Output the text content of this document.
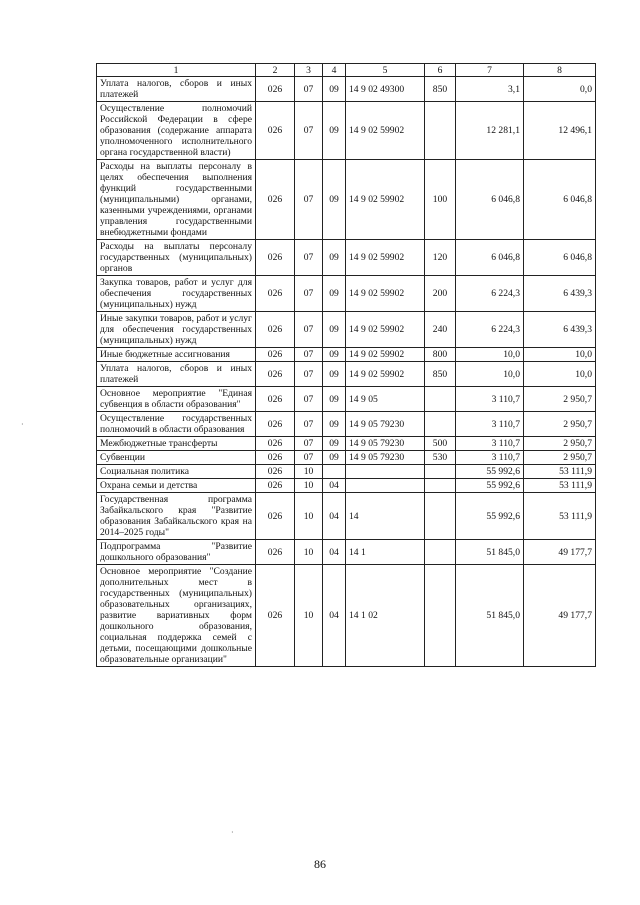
1	2	3	4	5	6	7	8
Уплата налогов, сборов и иных платежей	026	07	09	14 9 02 49300	850	3,1	0,0
Осуществление полномочий Российской Федерации в сфере образования (содержание аппарата уполномоченного исполнительного органа государственной власти)	026	07	09	14 9 02 59902		12 281,1	12 496,1
Расходы на выплаты персоналу в целях обеспечения выполнения функций государственными (муниципальными) органами, казенными учреждениями, органами управления государственными внебюджетными фондами	026	07	09	14 9 02 59902	100	6 046,8	6 046,8
Расходы на выплаты персоналу государственных (муниципальных) органов	026	07	09	14 9 02 59902	120	6 046,8	6 046,8
Закупка товаров, работ и услуг для обеспечения государственных (муниципальных) нужд	026	07	09	14 9 02 59902	200	6 224,3	6 439,3
Иные закупки товаров, работ и услуг для обеспечения государственных (муниципальных) нужд	026	07	09	14 9 02 59902	240	6 224,3	6 439,3
Иные бюджетные ассигнования	026	07	09	14 9 02 59902	800	10,0	10,0
Уплата налогов, сборов и иных платежей	026	07	09	14 9 02 59902	850	10,0	10,0
Основное мероприятие "Единая субвенция в области образования"	026	07	09	14 9 05		3 110,7	2 950,7
Осуществление государственных полномочий в области образования	026	07	09	14 9 05 79230		3 110,7	2 950,7
Межбюджетные трансферты	026	07	09	14 9 05 79230	500	3 110,7	2 950,7
Субвенции	026	07	09	14 9 05 79230	530	3 110,7	2 950,7
Социальная политика	026	10				55 992,6	53 111,9
Охрана семьи и детства	026	10	04			55 992,6	53 111,9
Государственная программа Забайкальского края "Развитие образования Забайкальского края на 2014–2025 годы"	026	10	04	14		55 992,6	53 111,9
Подпрограмма "Развитие дошкольного образования"	026	10	04	14 1		51 845,0	49 177,7
Основное мероприятие "Создание дополнительных мест в государственных (муниципальных) образовательных организациях, развитие вариативных форм дошкольного образования, социальная поддержка семей с детьми, посещающими дошкольные образовательные организации"	026	10	04	14 1 02		51 845,0	49 177,7
·
·
86
